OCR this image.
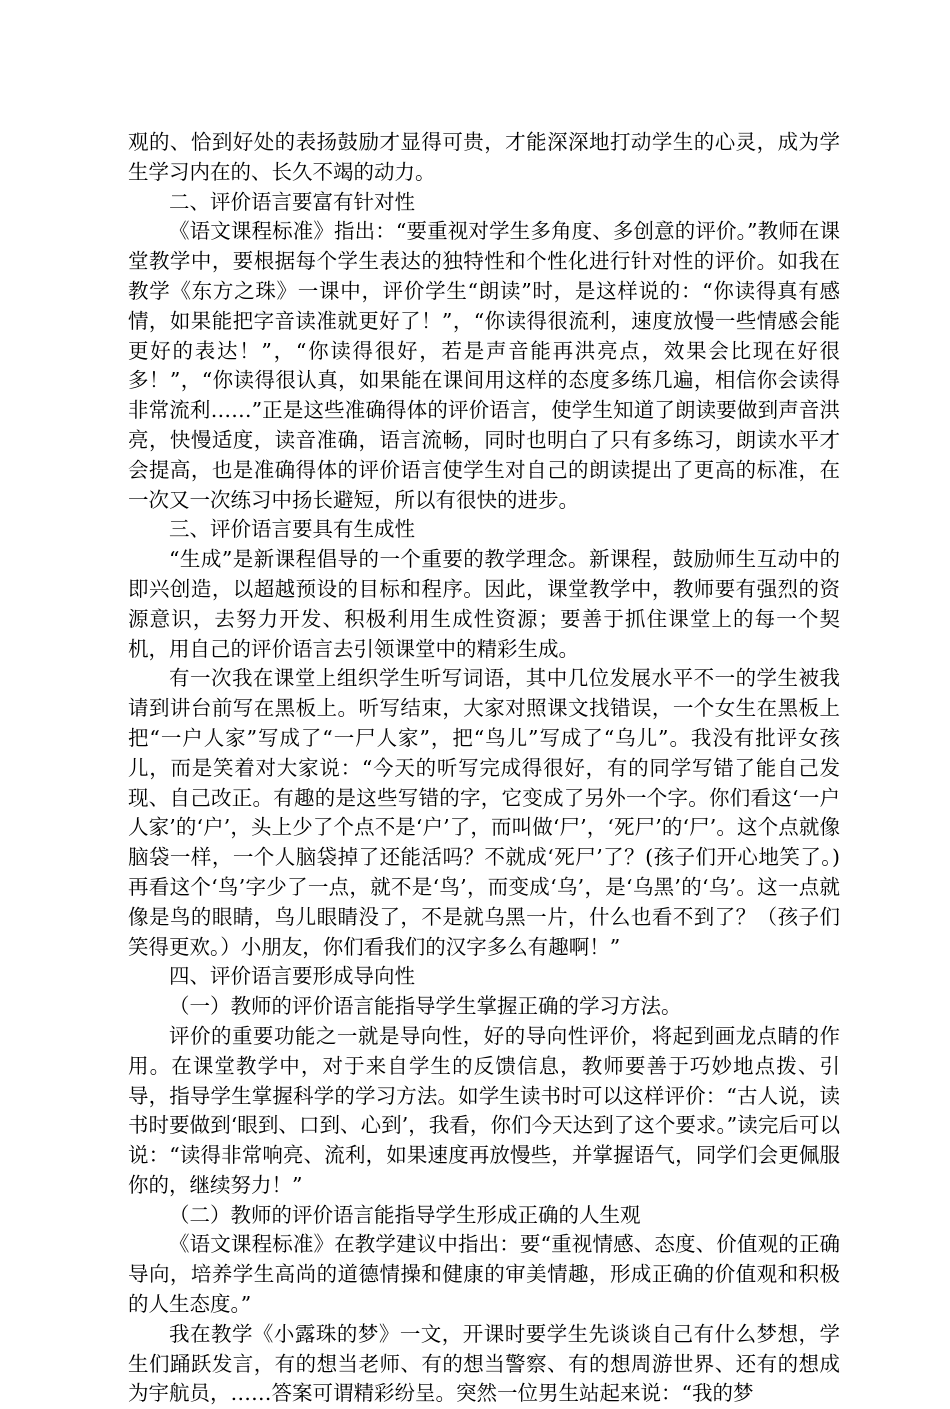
观的、恰到好处的表扬鼓励才显得可贵，才能深深地打动学生的心灵，成为学生学习内在的、长久不竭的动力。

二、评价语言要富有针对性

《语文课程标准》指出：“要重视对学生多角度、多创意的评价。”教师在课堂教学中，要根据每个学生表达的独特性和个性化进行针对性的评价。如我在教学《东方之珠》一课中，评价学生“朗读”时，是这样说的：“你读得真有感情，如果能把字音读准就更好了！”，“你读得很流利，速度放慢一些情感会能更好的表达！”，“你读得很好，若是声音能再洪亮点，效果会比现在好很多！”，“你读得很认真，如果能在课间用这样的态度多练几遍，相信你会读得非常流利……”正是这些准确得体的评价语言，使学生知道了朗读要做到声音洪亮，快慢适度，读音准确，语言流畅，同时也明白了只有多练习，朗读水平才会提高，也是准确得体的评价语言使学生对自己的朗读提出了更高的标准，在一次又一次练习中扬长避短，所以有很快的进步。

三、评价语言要具有生成性

“生成”是新课程倡导的一个重要的教学理念。新课程，鼓励师生互动中的即兴创造，以超越预设的目标和程序。因此，课堂教学中，教师要有强烈的资源意识，去努力开发、积极利用生成性资源；要善于抓住课堂上的每一个契机，用自己的评价语言去引领课堂中的精彩生成。

有一次我在课堂上组织学生听写词语，其中几位发展水平不一的学生被我请到讲台前写在黑板上。听写结束，大家对照课文找错误，一个女生在黑板上把“一户人家”写成了“一尸人家”，把“鸟儿”写成了“乌儿”。我没有批评女孩儿，而是笑着对大家说：“今天的听写完成得很好，有的同学写错了能自己发现、自己改正。有趣的是这些写错的字，它变成了另外一个字。你们看这‘一户人家’的‘户’，头上少了个点不是‘户’了，而叫做‘尸’，‘死尸’的‘尸’。这个点就像脑袋一样，一个人脑袋掉了还能活吗？不就成‘死尸’了？(孩子们开心地笑了。)再看这个‘鸟’字少了一点，就不是‘鸟’，而变成‘乌’，是‘乌黑’的‘乌’。这一点就像是鸟的眼睛，鸟儿眼睛没了，不是就乌黑一片，什么也看不到了？（孩子们笑得更欢。）小朋友，你们看我们的汉字多么有趣啊！”

四、评价语言要形成导向性

（一）教师的评价语言能指导学生掌握正确的学习方法。

评价的重要功能之一就是导向性，好的导向性评价，将起到画龙点睛的作用。在课堂教学中，对于来自学生的反馈信息，教师要善于巧妙地点拨、引导，指导学生掌握科学的学习方法。如学生读书时可以这样评价：“古人说，读书时要做到‘眼到、口到、心到’，我看，你们今天达到了这个要求。”读完后可以说：“读得非常响亮、流利，如果速度再放慢些，并掌握语气，同学们会更佩服你的，继续努力！”

（二）教师的评价语言能指导学生形成正确的人生观

《语文课程标准》在教学建议中指出：要“重视情感、态度、价值观的正确导向，培养学生高尚的道德情操和健康的审美情趣，形成正确的价值观和积极的人生态度。”

我在教学《小露珠的梦》一文，开课时要学生先谈谈自己有什么梦想，学生们踊跃发言，有的想当老师、有的想当警察、有的想周游世界、还有的想成为宇航员，……答案可谓精彩纷呈。突然一位男生站起来说：“我的梦
